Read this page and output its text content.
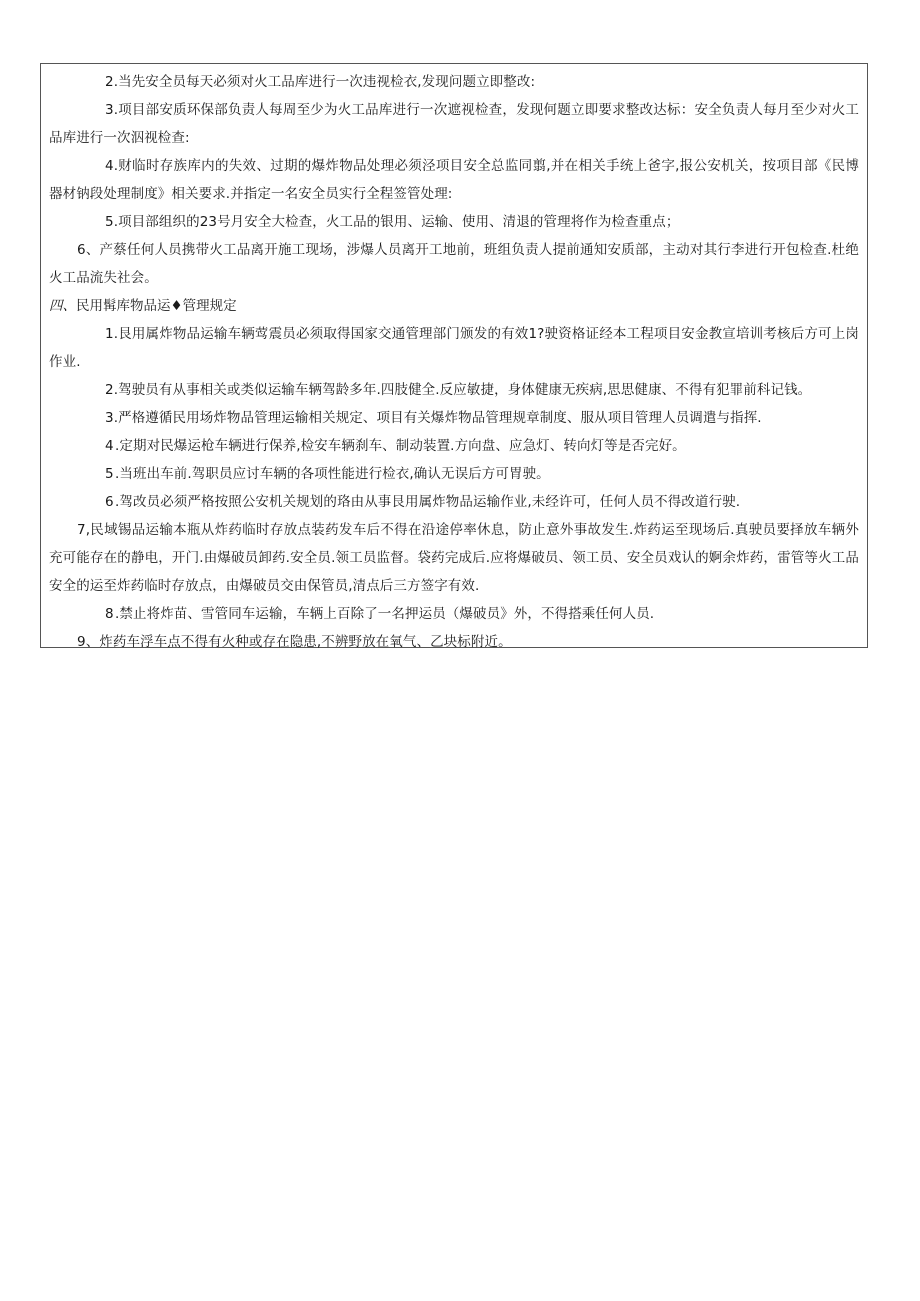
2.当先安全员每天必须对火工品库进行一次违视检衣,发现问题立即整改:

3.项目部安质环保部负责人每周至少为火工品库进行一次遮视检查，发现何题立即要求整改达标：安全负责人每月至少对火工品库进行一次泅视检查:

4.财临时存族库内的失效、过期的爆炸物品处理必须泾项目安全总监同翦,并在相关手统上爸字,报公安机关，按项目部《民博器材钠段处理制度》相关要求.并指定一名安全员实行全程签管处理:

5.项目部组织的23号月安全大检查，火工品的银用、运输、使用、清退的管理将作为检查重点；

6、产蔡任何人员携带火工品离开施工现场，涉爆人员离开工地前，班组负责人提前通知安质部，主动对其行李进行开包检查.杜绝火工品流失社会。

四、民用髯库物品运♦管理规定

1.艮用属炸物品运输车辆莺震员必须取得国家交通管理部门颁发的有效1?驶资格证经本工程项目安金教宣培训考核后方可上岗作业.

2.驾驶员有从事相关或类似运输车辆驾龄多年.四肢健全.反应敏捷，身体健康无疾病,思思健康、不得有犯罪前科记钱。

3.严格遵循民用场炸物品管理运输相关规定、项目有关爆炸物品管理规章制度、服从项目管理人员调遣与指挥.

4.定期对民爆运枪车辆进行保养,检安车辆刹车、制动装置.方向盘、应急灯、转向灯等是否完好。

5.当班出车前.驾职员应讨车辆的各项性能进行检衣,确认无误后方可胃驶。

6.驾改员必须严格按照公安机关规划的珞由从事艮用属炸物品运输作业,未经许可，任何人员不得改道行驶.

7,民域锡品运输本瓶从炸药临时存放点装药发车后不得在沿途停率休息，防止意外事故发生.炸药运至现场后.真驶员要择放车辆外充可能存在的静电，开门.由爆破员卸药.安全员.领工员监督。袋药完成后.应将爆破员、领工员、安全员戏认的婀余炸药，雷管等火工品安全的运至炸药临时存放点，由爆破员交由保管员,清点后三方签字有效.

8.禁止将炸苗、雪管同车运输，车辆上百除了一名押运员（爆破员》外，不得搭乘任何人员.

9、炸药车浮车点不得有火种或存在隐患,不辨野放在氧气、乙块标附近。
